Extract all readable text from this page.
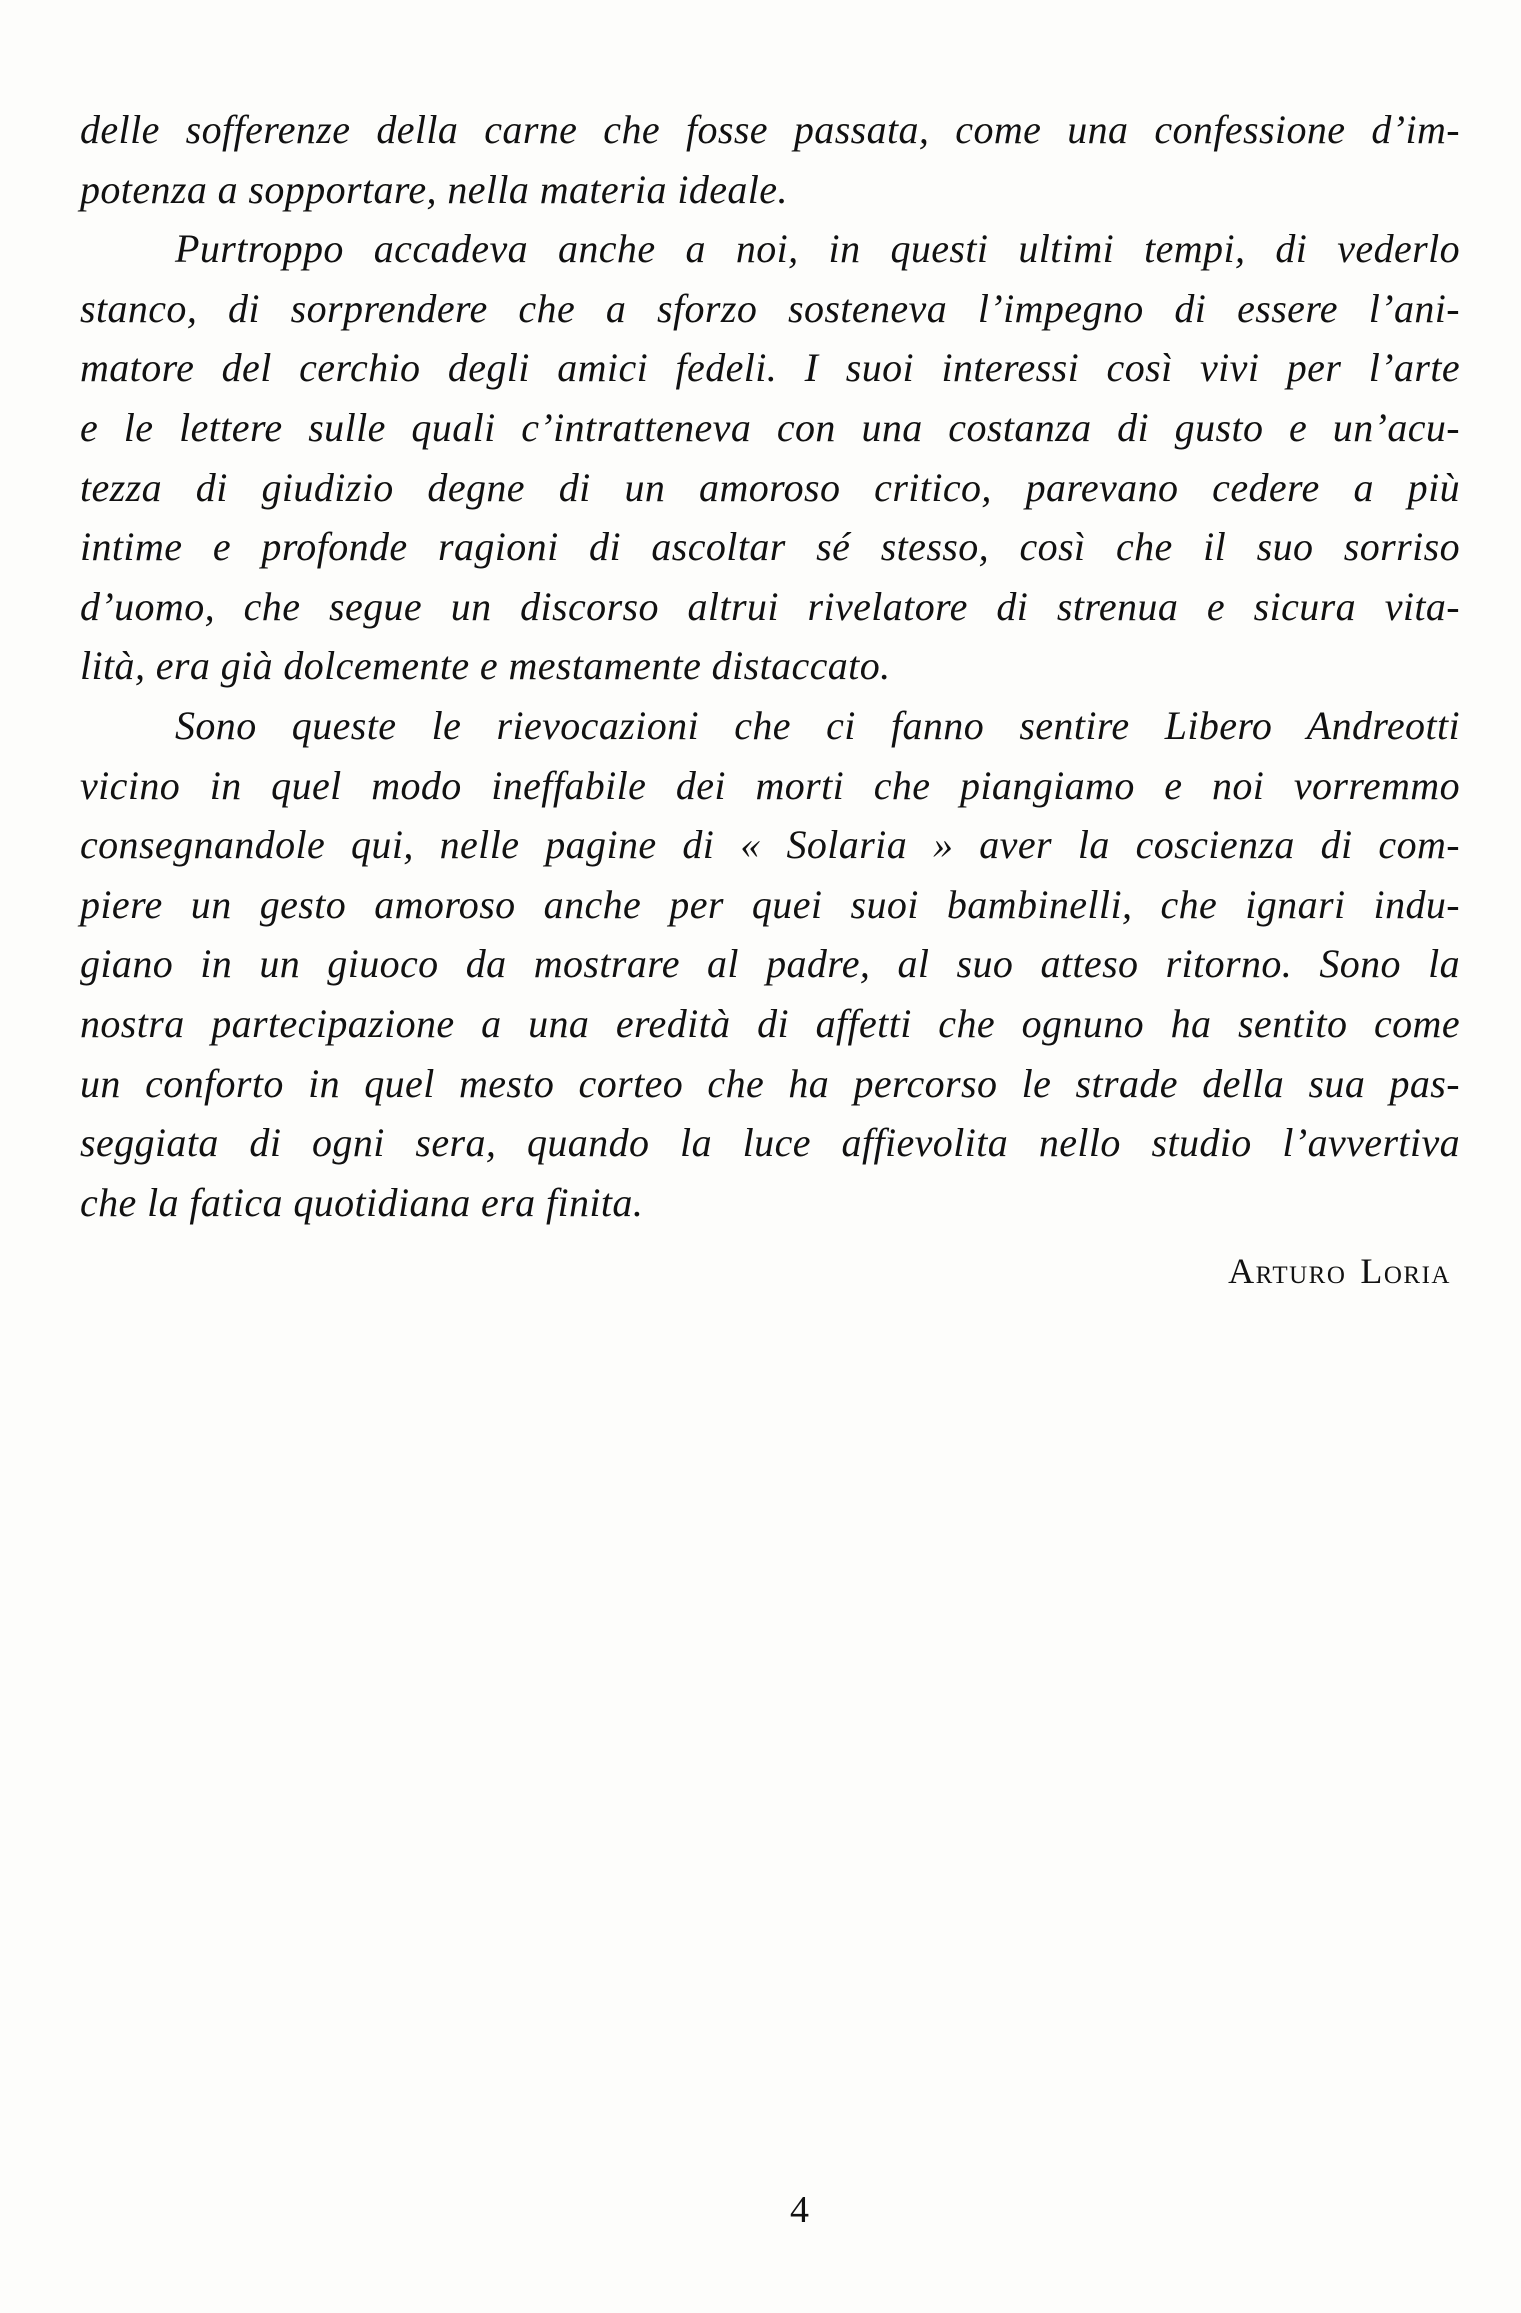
delle sofferenze della carne che fosse passata, come una confessione d’im-
potenza a sopportare, nella materia ideale.
Purtroppo accadeva anche a noi, in questi ultimi tempi, di vederlo
stanco, di sorprendere che a sforzo sosteneva l’impegno di essere l’ani-
matore del cerchio degli amici fedeli. I suoi interessi così vivi per l’arte
e le lettere sulle quali c’intratteneva con una costanza di gusto e un’acu-
tezza di giudizio degne di un amoroso critico, parevano cedere a più
intime e profonde ragioni di ascoltar sé stesso, così che il suo sorriso
d’uomo, che segue un discorso altrui rivelatore di strenua e sicura vita-
lità, era già dolcemente e mestamente distaccato.
Sono queste le rievocazioni che ci fanno sentire Libero Andreotti
vicino in quel modo ineffabile dei morti che piangiamo e noi vorremmo
consegnandole qui, nelle pagine di « Solaria » aver la coscienza di com-
piere un gesto amoroso anche per quei suoi bambinelli, che ignari indu-
giano in un giuoco da mostrare al padre, al suo atteso ritorno. Sono la
nostra partecipazione a una eredità di affetti che ognuno ha sentito come
un conforto in quel mesto corteo che ha percorso le strade della sua pas-
seggiata di ogni sera, quando la luce affievolita nello studio l’avvertiva
che la fatica quotidiana era finita.
Arturo Loria
4
